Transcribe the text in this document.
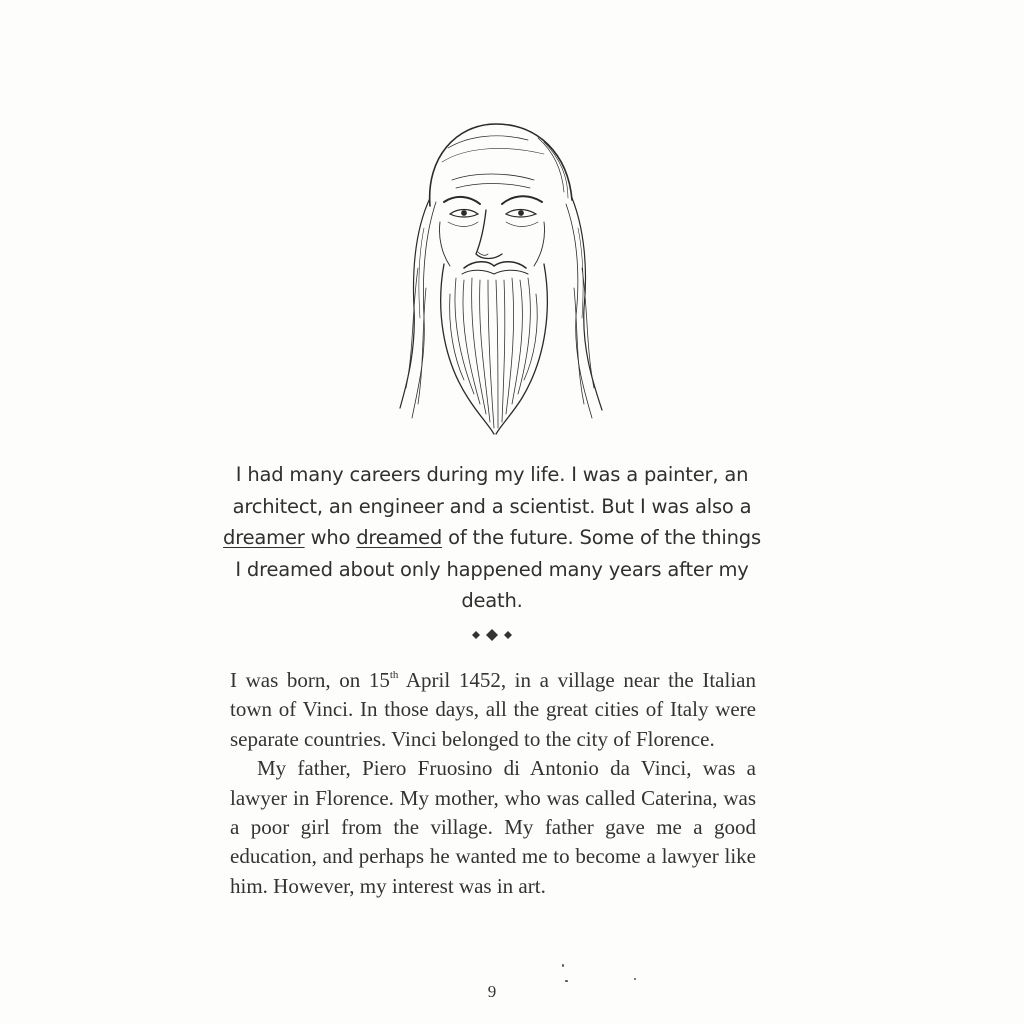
I had many careers during my life. I was a painter, an architect, an engineer and a scientist. But I was also a dreamer who dreamed of the future. Some of the things I dreamed about only happened many years after my death.

I was born, on 15th April 1452, in a village near the Italian town of Vinci. In those days, all the great cities of Italy were separate countries. Vinci belonged to the city of Florence.

My father, Piero Fruosino di Antonio da Vinci, was a lawyer in Florence. My mother, who was called Caterina, was a poor girl from the village. My father gave me a good education, and perhaps he wanted me to become a lawyer like him. However, my interest was in art.

9
